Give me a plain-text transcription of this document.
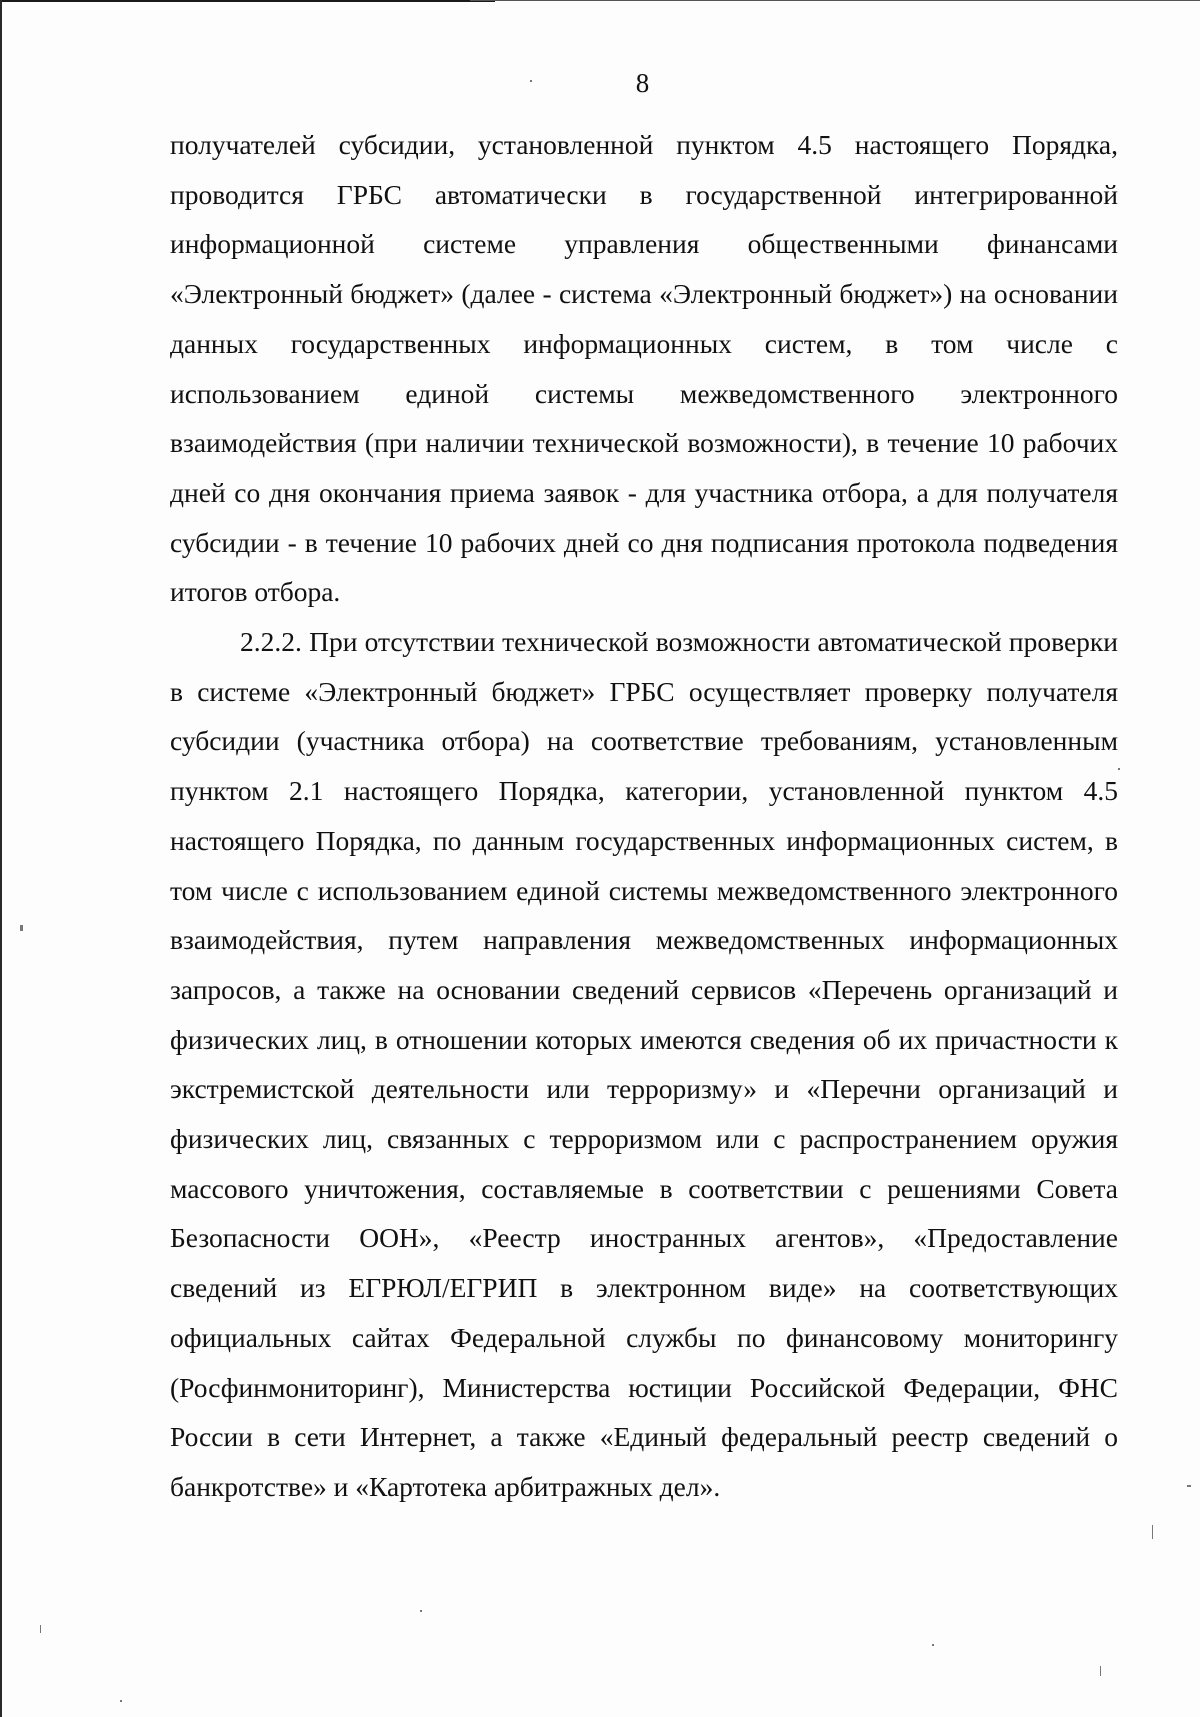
8

получателей субсидии, установленной пунктом 4.5 настоящего Порядка, проводится ГРБС автоматически в государственной интегрированной информационной системе управления общественными финансами «Электронный бюджет» (далее - система «Электронный бюджет») на основании данных государственных информационных систем, в том числе с использованием единой системы межведомственного электронного взаимодействия (при наличии технической возможности), в течение 10 рабочих дней со дня окончания приема заявок - для участника отбора, а для получателя субсидии - в течение 10 рабочих дней со дня подписания протокола подведения итогов отбора.

2.2.2. При отсутствии технической возможности автоматической проверки в системе «Электронный бюджет» ГРБС осуществляет проверку получателя субсидии (участника отбора) на соответствие требованиям, установленным пунктом 2.1 настоящего Порядка, категории, установленной пунктом 4.5 настоящего Порядка, по данным государственных информационных систем, в том числе с использованием единой системы межведомственного электронного взаимодействия, путем направления межведомственных информационных запросов, а также на основании сведений сервисов «Перечень организаций и физических лиц, в отношении которых имеются сведения об их причастности к экстремистской деятельности или терроризму» и «Перечни организаций и физических лиц, связанных с терроризмом или с распространением оружия массового уничтожения, составляемые в соответствии с решениями Совета Безопасности ООН», «Реестр иностранных агентов», «Предоставление сведений из ЕГРЮЛ/ЕГРИП в электронном виде» на соответствующих официальных сайтах Федеральной службы по финансовому мониторингу (Росфинмониторинг), Министерства юстиции Российской Федерации, ФНС России в сети Интернет, а также «Единый федеральный реестр сведений о банкротстве» и «Картотека арбитражных дел».
